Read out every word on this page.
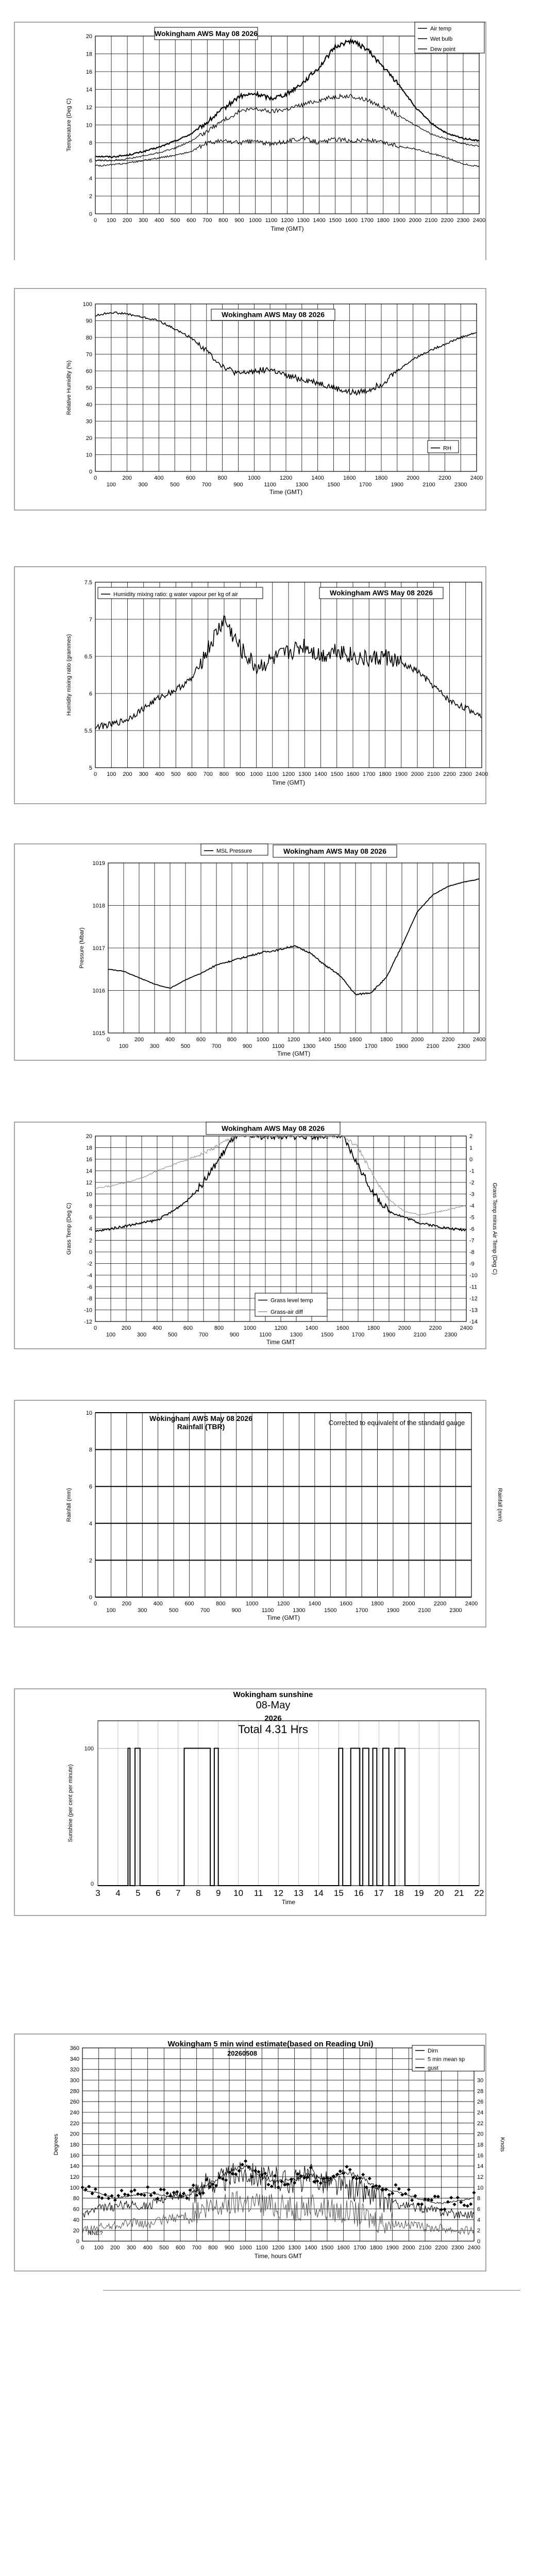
0
2
4
6
8
10
12
14
16
18
20
0 100 200 300 400 500 600 700 800 900 1000 1100 1200 1300 1400 1500 1600 1700 1800 1900 2000 2100 2200 2300 2400
Time (GMT)
Temperature (Deg C)
Wokingham AWS May 08 2026
Air temp
Wet bulb
Dew point
0
10
20
30
40
50
60
70
80
90
100
0	200	400	600	800	1000	1200	1400	1600	1800	2000	2200	2400
100	300	500	700	900	1100	1300	1500	1700	1900	2100	2300
Time (GMT)
Relative Humidity (%)
Wokingham AWS May 08 2026
RH
5
5.5
6
6.5
7
7.5
0 100 200 300 400 500 600 700 800 900 1000 1100 1200 1300 1400 1500 1600 1700 1800 1900 2000 2100 2200 2300 2400
Time (GMT)
Humidity mixing ratio (grammes)
Wokingham AWS May 08 2026
Humidity mixing ratio: g water vapour per kg of air
1015
1016
1017
1018
1019
0	200	400	600	800	1000	1200	1400	1600	1800	2000	2200	2400
100	300	500	700	900	1100	1300	1500	1700	1900	2100	2300
Time (GMT)
Pressure (Mbar)
Wokingham AWS May 08 2026
MSL Pressure
-12
-10
-8
-6
-4
-2
0
2
4
6
8
10
12
14
16
18
20
-14
-13
-12
-11
-10
-9
-8
-7
-6
-5
-4
-3
-2
-1
0
1
2
0	200	400	600	800	1000	1200	1400	1600	1800	2000	2200	2400
100	300	500	700	900	1100	1300	1500	1700	1900	2100	2300
Time GMT
Grass Temp (Deg C)	Grass Temp minus Air Temp (Deg C)
Wokingham AWS May 08 2026
Grass level temp
Grass-air diff
0
2
4
6
8
10
0	200	400	600	800	1000	1200	1400	1600	1800	2000	2200	2400
100	300	500	700	900	1100	1300	1500	1700	1900	2100	2300
Time (GMT)
Rainfall (mm)	Rainfall (mm)
Wokingham AWS May 08 2026
Rainfall (TBR)	Corrected to equivalent of the standard gauge
3 4 5 6 7 8 9 10 11 12 13 14 15 16 17 18 19 20 21 22
100
0
Time
Sunshine (per cent per minute)
Wokingham sunshine
08-May
2026
Total 4.31 Hrs
0
20
40
60
80
100
120
140
160
180
200
220
240
260
280
300
320
340
360
0
2
4
6
8
10
12
14
16
18
20
22
24
26
28
30
0 100 200 300 400 500 600 700 800 900 1000 1100 1200 1300 1400 1500 1600 1700 1800 1900 2000 2100 2200 2300 2400
Time, hours GMT
Degrees	Knots
Wokingham 5 min wind estimate(based on Reading Uni)
20260508
NNE?
Dirn
5 min mean sp
gust
